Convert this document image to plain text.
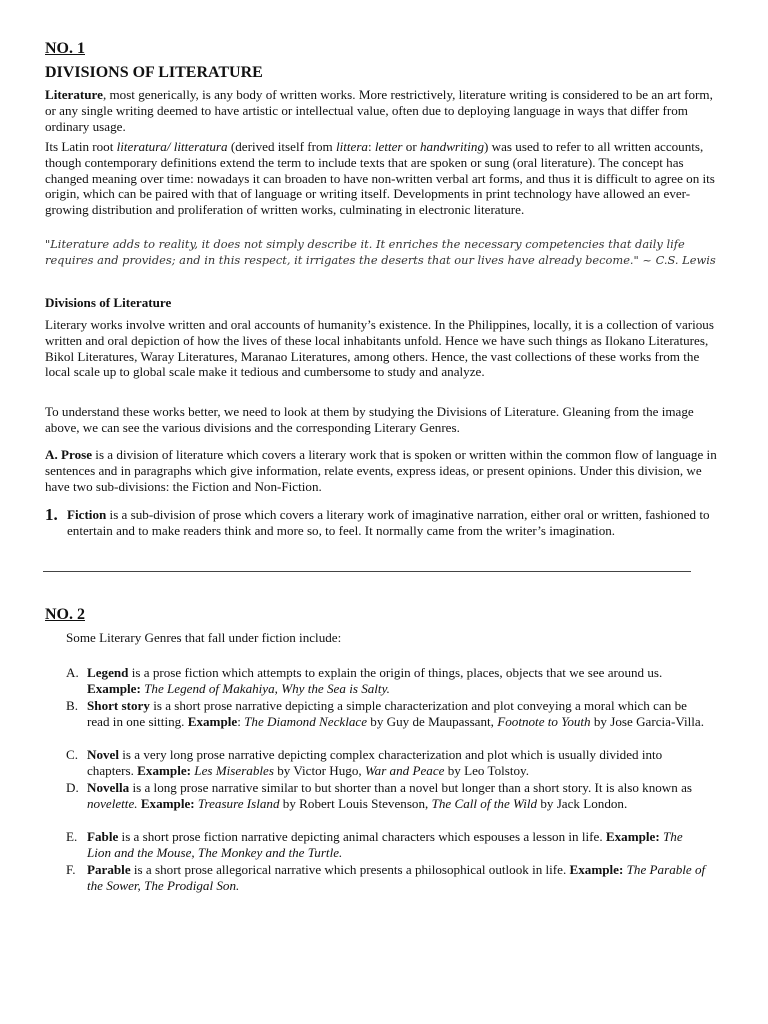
NO. 1
DIVISIONS OF LITERATURE

Literature, most generically, is any body of written works. More restrictively, literature writing is considered to be an art form, or any single writing deemed to have artistic or intellectual value, often due to deploying language in ways that differ from ordinary usage.

Its Latin root literatura/ litteratura (derived itself from littera: letter or handwriting) was used to refer to all written accounts, though contemporary definitions extend the term to include texts that are spoken or sung (oral literature). The concept has changed meaning over time: nowadays it can broaden to have non-written verbal art forms, and thus it is difficult to agree on its origin, which can be paired with that of language or writing itself. Developments in print technology have allowed an ever-growing distribution and proliferation of written works, culminating in electronic literature.

"Literature adds to reality, it does not simply describe it. It enriches the necessary competencies that daily life requires and provides; and in this respect, it irrigates the deserts that our lives have already become." ~ C.S. Lewis

Divisions of Literature

Literary works involve written and oral accounts of humanity’s existence. In the Philippines, locally, it is a collection of various written and oral depiction of how the lives of these local inhabitants unfold. Hence we have such things as Ilokano Literatures, Bikol Literatures, Waray Literatures, Maranao Literatures, among others. Hence, the vast collections of these works from the local scale up to global scale make it tedious and cumbersome to study and analyze.

To understand these works better, we need to look at them by studying the Divisions of Literature. Gleaning from the image above, we can see the various divisions and the corresponding Literary Genres.

A. Prose is a division of literature which covers a literary work that is spoken or written within the common flow of language in sentences and in paragraphs which give information, relate events, express ideas, or present opinions. Under this division, we have two sub-divisions: the Fiction and Non-Fiction.

1. Fiction is a sub-division of prose which covers a literary work of imaginative narration, either oral or written, fashioned to entertain and to make readers think and more so, to feel. It normally came from the writer’s imagination.

NO. 2
Some Literary Genres that fall under fiction include:
A. Legend is a prose fiction which attempts to explain the origin of things, places, objects that we see around us. Example: The Legend of Makahiya, Why the Sea is Salty.
B. Short story is a short prose narrative depicting a simple characterization and plot conveying a moral which can be read in one sitting. Example: The Diamond Necklace by Guy de Maupassant, Footnote to Youth by Jose Garcia-Villa.
C. Novel is a very long prose narrative depicting complex characterization and plot which is usually divided into chapters. Example: Les Miserables by Victor Hugo, War and Peace by Leo Tolstoy.
D. Novella is a long prose narrative similar to but shorter than a novel but longer than a short story. It is also known as novelette. Example: Treasure Island by Robert Louis Stevenson, The Call of the Wild by Jack London.
E. Fable is a short prose fiction narrative depicting animal characters which espouses a lesson in life. Example: The Lion and the Mouse, The Monkey and the Turtle.
F. Parable is a short prose allegorical narrative which presents a philosophical outlook in life. Example: The Parable of the Sower, The Prodigal Son.
